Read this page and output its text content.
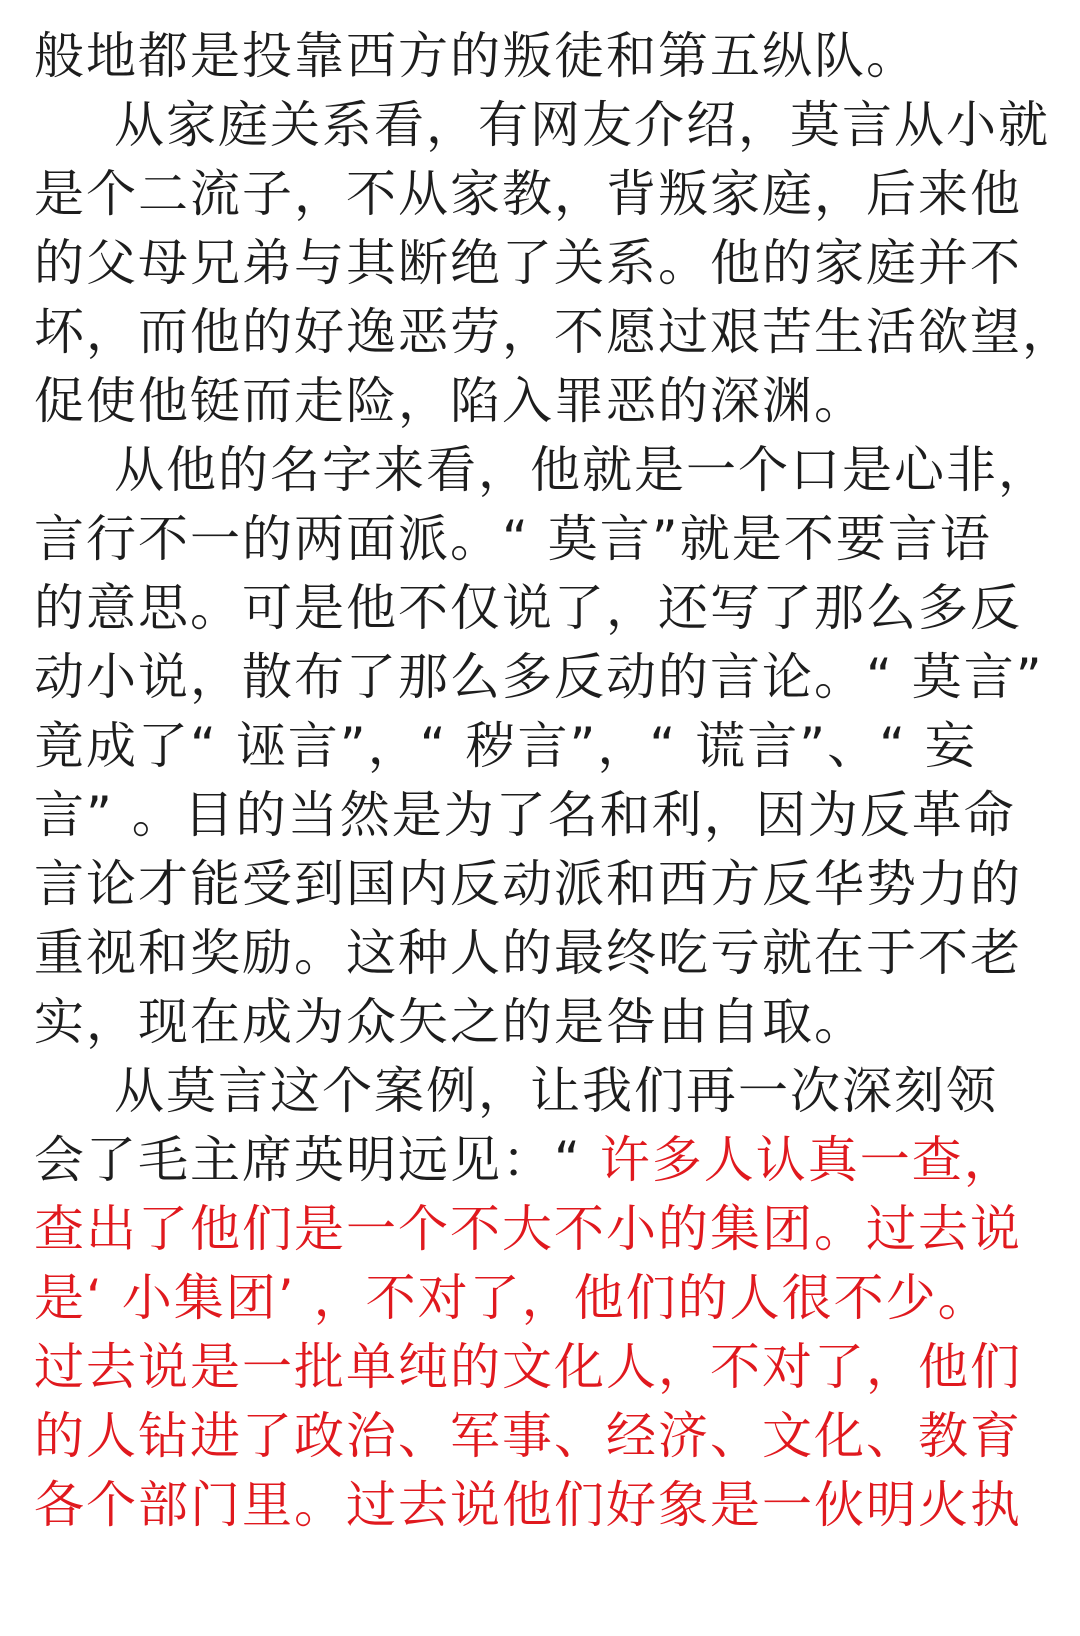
般地都是投靠西方的叛徒和第五纵队。
从家庭关系看，有网友介绍，莫言从小就
是个二流子，不从家教，背叛家庭，后来他
的父母兄弟与其断绝了关系。他的家庭并不
坏，而他的好逸恶劳，不愿过艰苦生活欲望，
促使他铤而走险，陷入罪恶的深渊。
从他的名字来看，他就是一个口是心非，
言行不一的两面派。“ 莫言”就是不要言语
的意思。可是他不仅说了，还写了那么多反
动小说，散布了那么多反动的言论。“ 莫言”
竟成了“ 诬言”，“ 秽言”，“ 谎言”、“ 妄
言” 。目的当然是为了名和利，因为反革命
言论才能受到国内反动派和西方反华势力的
重视和奖励。这种人的最终吃亏就在于不老
实，现在成为众矢之的是咎由自取。
从莫言这个案例，让我们再一次深刻领
会了毛主席英明远见：“ 许多人认真一查，
查出了他们是一个不大不小的集团。过去说
是‘ 小集团’ ，不对了，他们的人很不少。
过去说是一批单纯的文化人，不对了，他们
的人钻进了政治、军事、经济、文化、教育
各个部门里。过去说他们好象是一伙明火执
